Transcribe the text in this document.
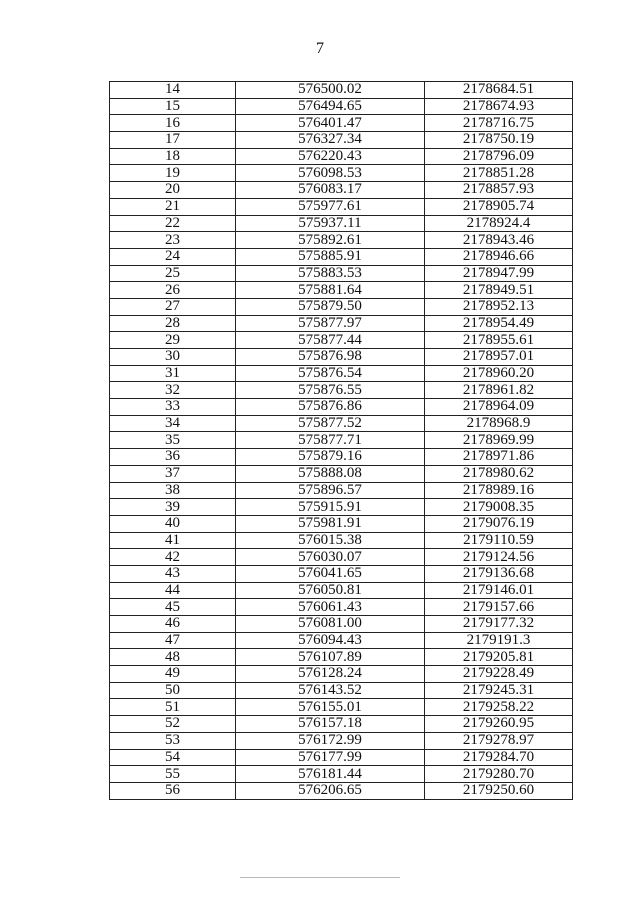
7
14	576500.02	2178684.51
15	576494.65	2178674.93
16	576401.47	2178716.75
17	576327.34	2178750.19
18	576220.43	2178796.09
19	576098.53	2178851.28
20	576083.17	2178857.93
21	575977.61	2178905.74
22	575937.11	2178924.4
23	575892.61	2178943.46
24	575885.91	2178946.66
25	575883.53	2178947.99
26	575881.64	2178949.51
27	575879.50	2178952.13
28	575877.97	2178954.49
29	575877.44	2178955.61
30	575876.98	2178957.01
31	575876.54	2178960.20
32	575876.55	2178961.82
33	575876.86	2178964.09
34	575877.52	2178968.9
35	575877.71	2178969.99
36	575879.16	2178971.86
37	575888.08	2178980.62
38	575896.57	2178989.16
39	575915.91	2179008.35
40	575981.91	2179076.19
41	576015.38	2179110.59
42	576030.07	2179124.56
43	576041.65	2179136.68
44	576050.81	2179146.01
45	576061.43	2179157.66
46	576081.00	2179177.32
47	576094.43	2179191.3
48	576107.89	2179205.81
49	576128.24	2179228.49
50	576143.52	2179245.31
51	576155.01	2179258.22
52	576157.18	2179260.95
53	576172.99	2179278.97
54	576177.99	2179284.70
55	576181.44	2179280.70
56	576206.65	2179250.60
